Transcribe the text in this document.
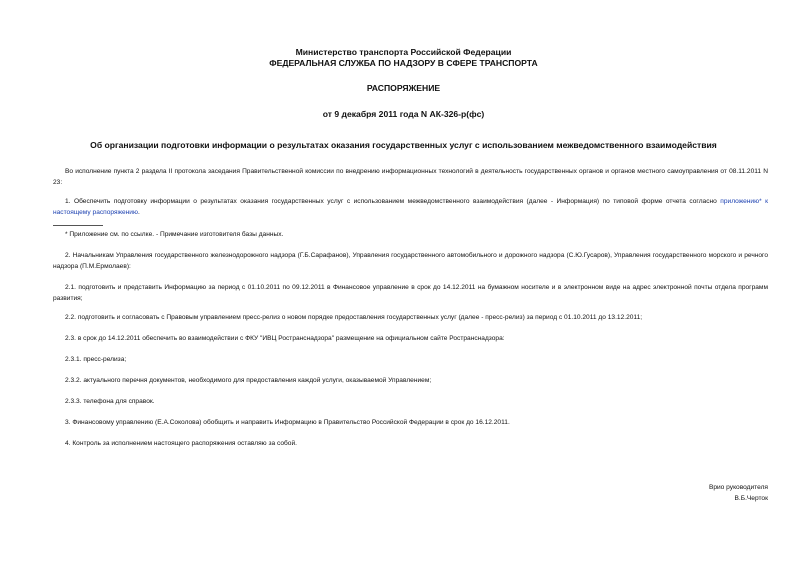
Министерство транспорта Российской Федерации
ФЕДЕРАЛЬНАЯ СЛУЖБА ПО НАДЗОРУ В СФЕРЕ ТРАНСПОРТА
РАСПОРЯЖЕНИЕ
от 9 декабря 2011 года N АК-326-р(фс)
Об организации подготовки информации о результатах оказания государственных услуг с использованием межведомственного взаимодействия

Во исполнение пункта 2 раздела II протокола заседания Правительственной комиссии по внедрению информационных технологий в деятельность государственных органов и органов местного самоуправления от 08.11.2011 N 23:

1. Обеспечить подготовку информации о результатах оказания государственных услуг с использованием межведомственного взаимодействия (далее - Информация) по типовой форме отчета согласно приложению* к настоящему распоряжению.

* Приложение см. по ссылке. - Примечание изготовителя базы данных.

2. Начальникам Управления государственного железнодорожного надзора (Г.Б.Сарафанов), Управления государственного автомобильного и дорожного надзора (С.Ю.Гусаров), Управления государственного морского и речного надзора (П.М.Ермолаев):

2.1. подготовить и представить Информацию за период с 01.10.2011 по 09.12.2011 в Финансовое управление в срок до 14.12.2011 на бумажном носителе и в электронном виде на адрес электронной почты отдела программ развития;

2.2. подготовить и согласовать с Правовым управлением пресс-релиз о новом порядке предоставления государственных услуг (далее - пресс-релиз) за период с 01.10.2011 до 13.12.2011;

2.3. в срок до 14.12.2011 обеспечить во взаимодействии с ФКУ "ИВЦ Ространснадзора" размещение на официальном сайте Ространснадзора:

2.3.1. пресс-релиза;

2.3.2. актуального перечня документов, необходимого для предоставления каждой услуги, оказываемой Управлением;

2.3.3. телефона для справок.

3. Финансовому управлению (Е.А.Соколова) обобщить и направить Информацию в Правительство Российской Федерации в срок до 16.12.2011.

4. Контроль за исполнением настоящего распоряжения оставляю за собой.

Врио руководителя
В.Б.Черток
